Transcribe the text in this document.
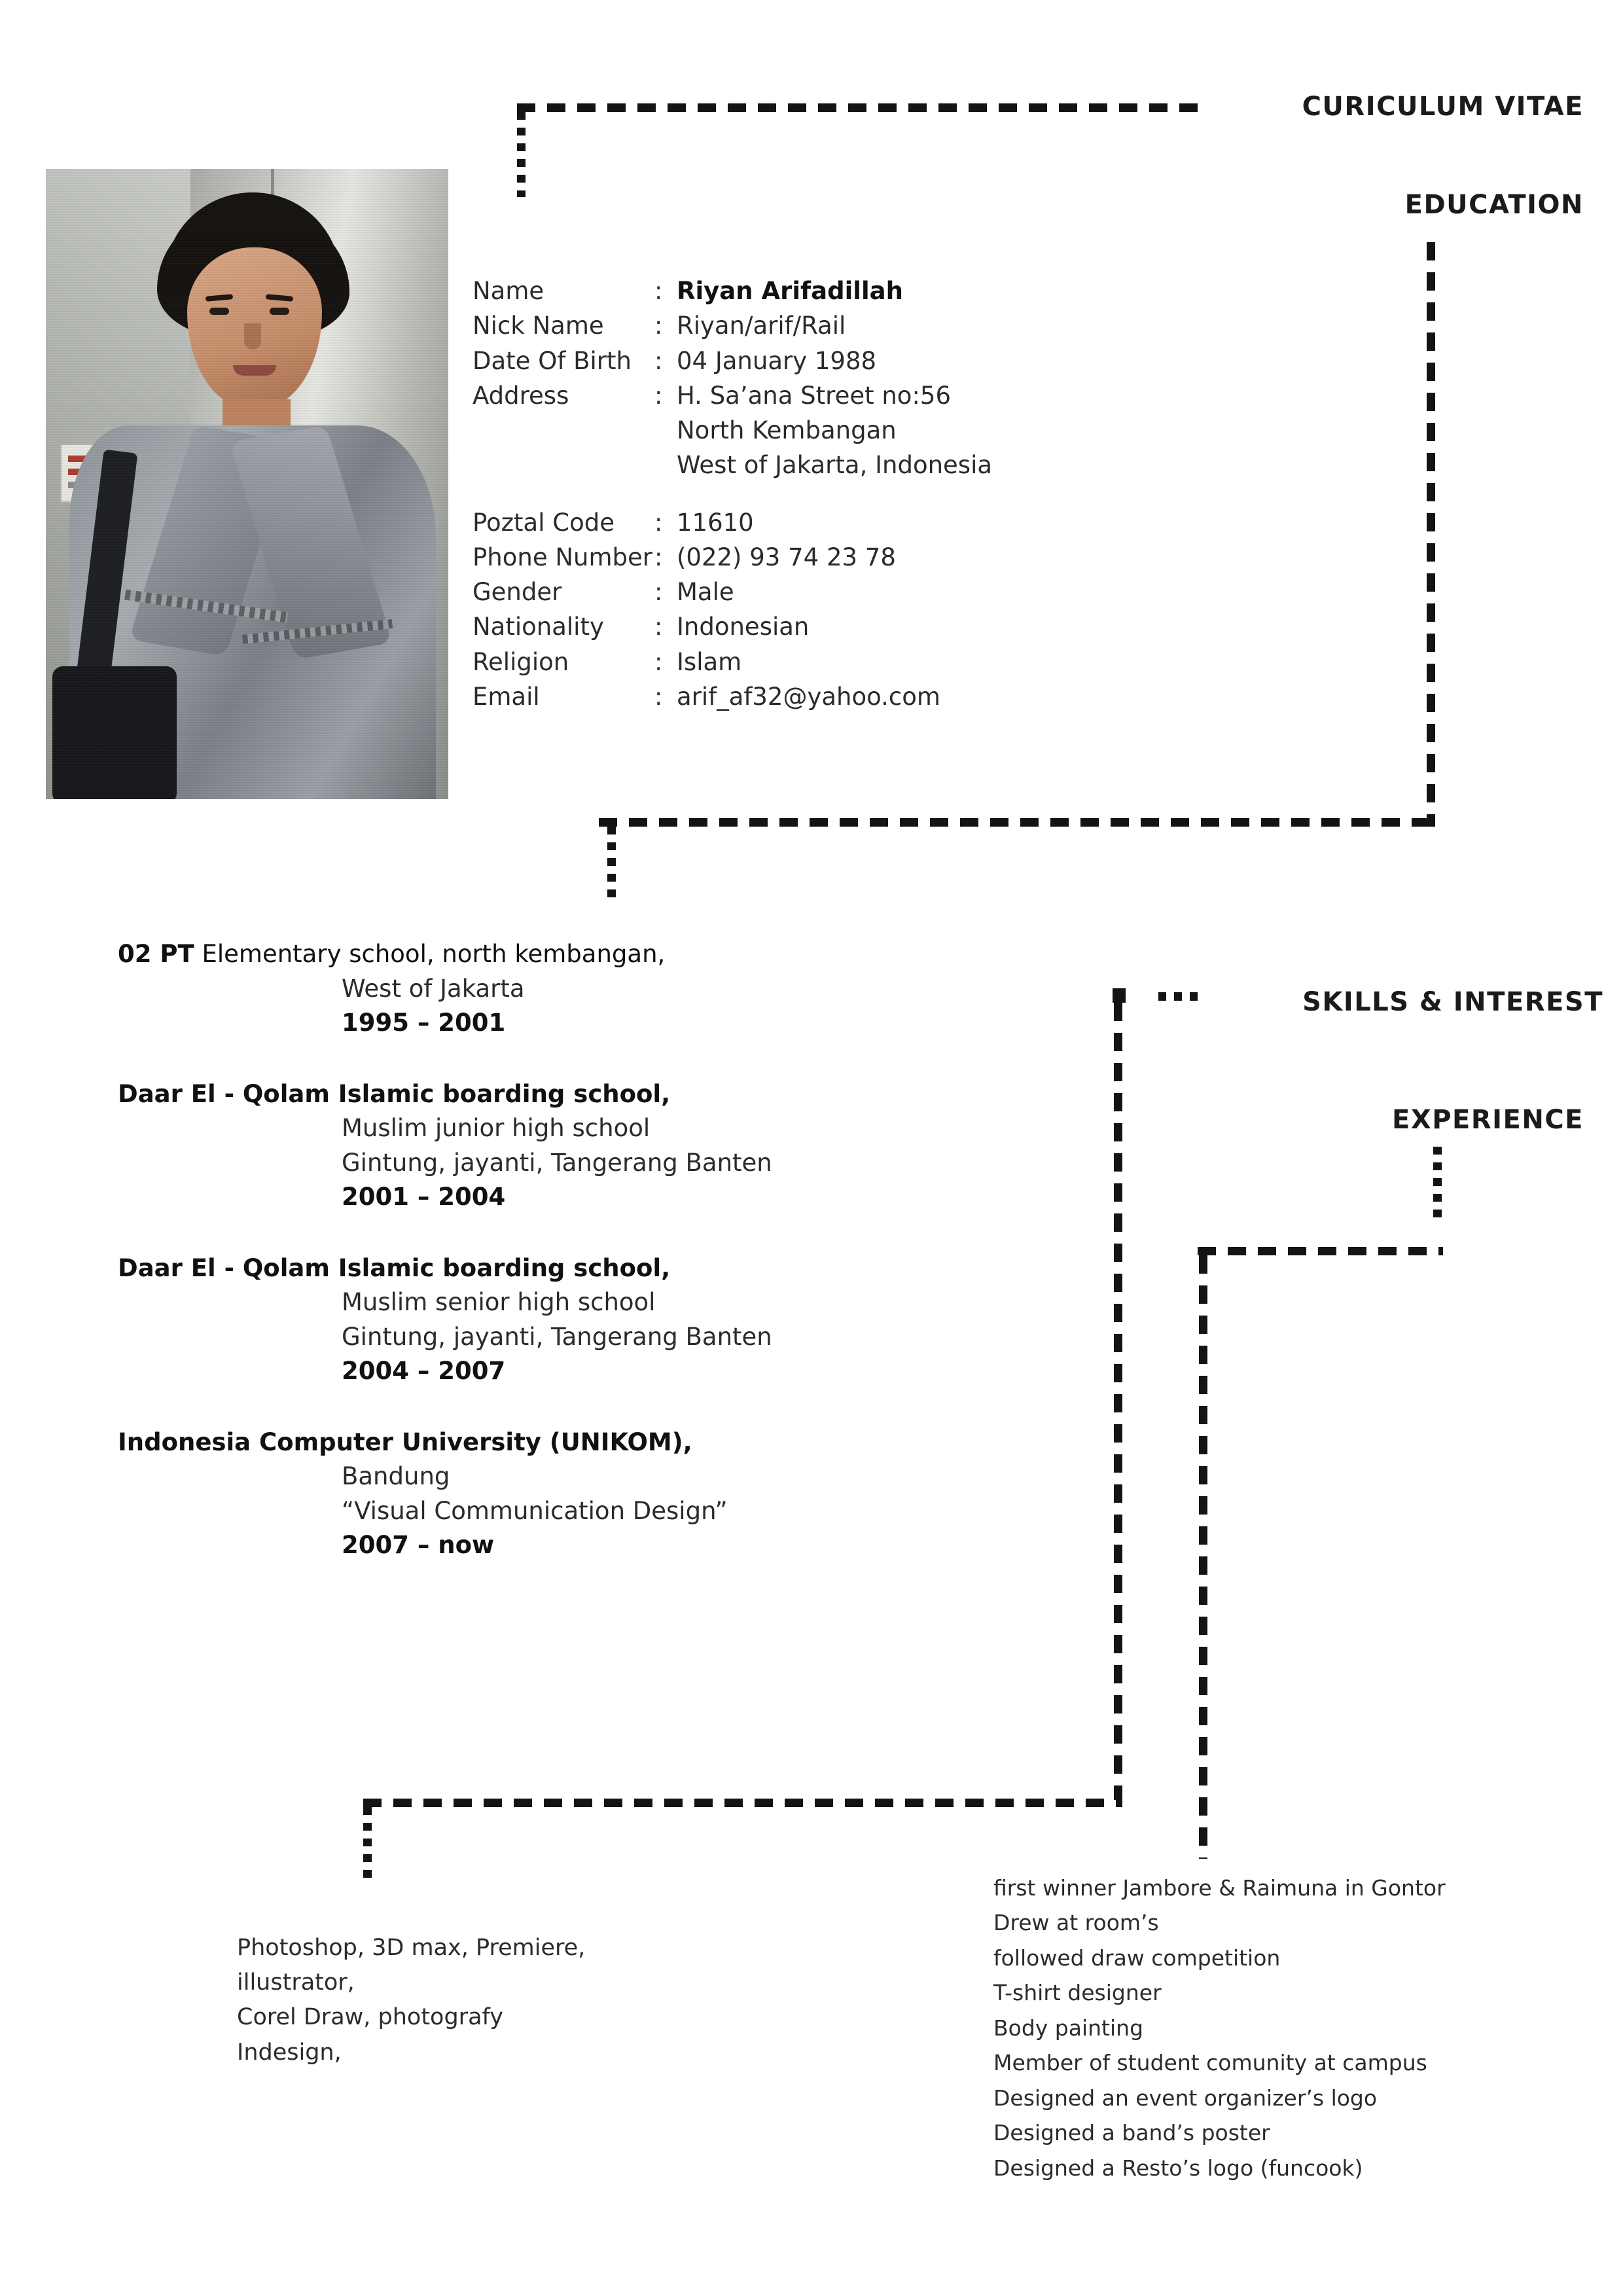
CURICULUM VITAE
EDUCATION
SKILLS & INTEREST
EXPERIENCE
Name	: Riyan Arifadillah
Nick Name	: Riyan/arif/Rail
Date Of Birth : 04 January 1988
Address	: H. Sa’ana Street no:56
North Kembangan
West of Jakarta, Indonesia
Poztal Code	: 11610
Phone Number : (022) 93 74 23 78
Gender	: Male
Nationality	: Indonesian
Religion	: Islam
Email	: arif_af32@yahoo.com
02 PT Elementary school, north kembangan,
West of Jakarta
1995 – 2001
Daar El - Qolam Islamic boarding school,
Muslim junior high school
Gintung, jayanti, Tangerang Banten
2001 – 2004
Daar El - Qolam Islamic boarding school,
Muslim senior high school
Gintung, jayanti, Tangerang Banten
2004 – 2007
Indonesia Computer University (UNIKOM),
Bandung
“Visual Communication Design”
2007 – now
Photoshop, 3D max, Premiere,
illustrator,
Corel Draw, photografy
Indesign,
first winner Jambore & Raimuna in Gontor
Drew at room’s
followed draw competition
T-shirt designer
Body painting
Member of student comunity at campus
Designed an event organizer’s logo
Designed a band’s poster
Designed a Resto’s logo (funcook)
